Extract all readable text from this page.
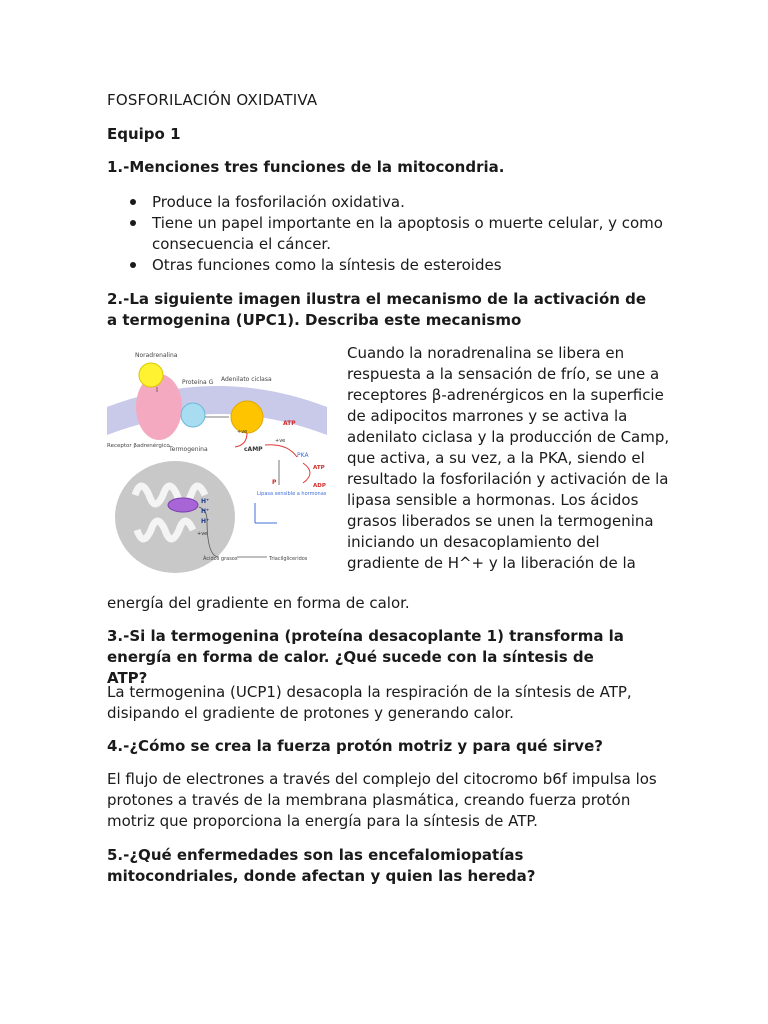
FOSFORILACIÓN OXIDATIVA
Equipo 1
1.-Menciones tres funciones de la mitocondria.
Produce la fosforilación oxidativa.
Tiene un papel importante en la apoptosis o muerte celular, y como consecuencia el cáncer.
Otras funciones como la síntesis de esteroides
2.-La siguiente imagen ilustra el mecanismo de la activación de a termogenina (UPC1). Describa este mecanismo
Noradrenalina
Proteína G Adenilato ciclasa
Receptor βadrenérgico Termogenina
ATP
cAMP
+ve
+ve
PKA
ATP
ADP
P
Lipasa sensible a hormonas
Ácidos grasos	Triacilgliceridos
H⁺
H⁺
H⁺
+ve
Cuando la noradrenalina se libera en respuesta a la sensación de frío, se une a receptores β-adrenérgicos en la superficie de adipocitos marrones y se activa la adenilato ciclasa y la producción de Camp, que activa, a su vez, a la PKA, siendo el resultado la fosforilación y activación de la lipasa sensible a hormonas. Los ácidos grasos liberados se unen la termogenina iniciando un desacoplamiento del gradiente de H^+ y la liberación de la
energía del gradiente en forma de calor.
3.-Si la termogenina (proteína desacoplante 1) transforma la energía en forma de calor. ¿Qué sucede con la síntesis de ATP?
La termogenina (UCP1) desacopla la respiración de la síntesis de ATP, disipando el gradiente de protones y generando calor.
4.-¿Cómo se crea la fuerza protón motriz y para qué sirve?
El flujo de electrones a través del complejo del citocromo b6f impulsa los protones a través de la membrana plasmática, creando fuerza protón motriz que proporciona la energía para la síntesis de ATP.
5.-¿Qué enfermedades son las encefalomiopatías mitocondriales, donde afectan y quien las hereda?
